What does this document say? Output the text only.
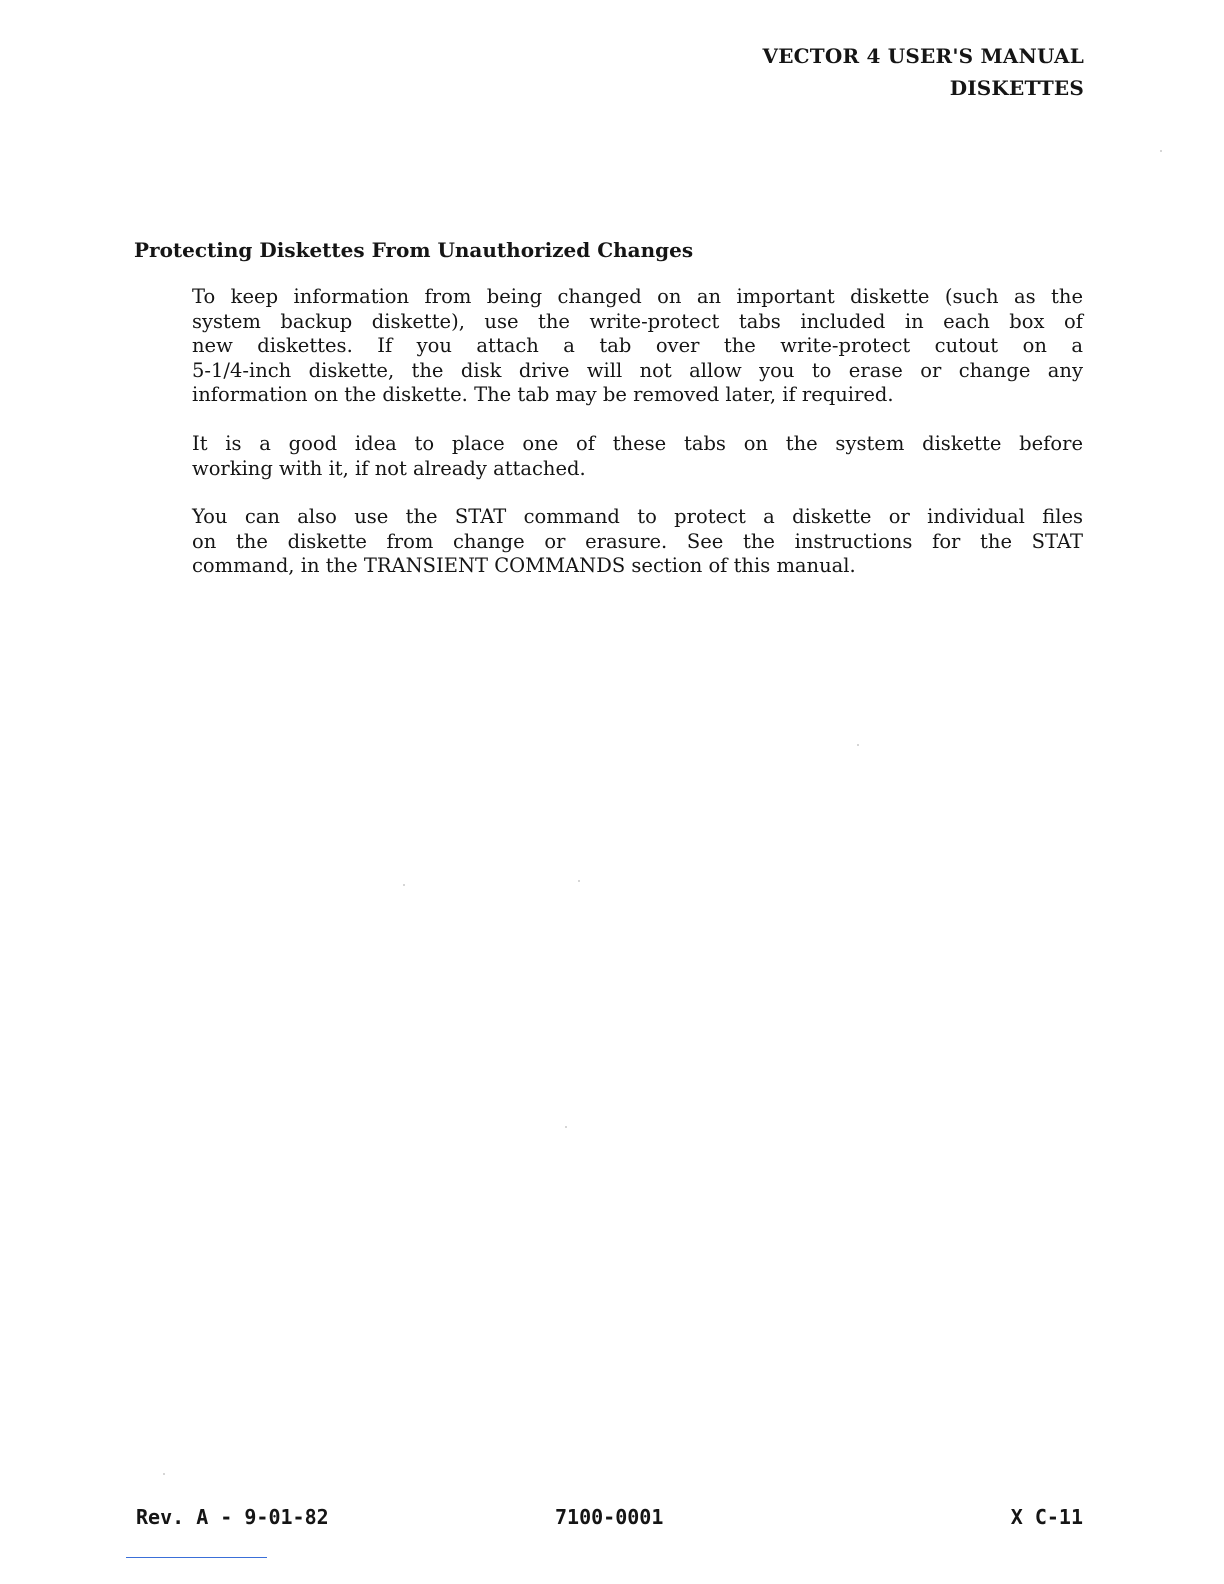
VECTOR 4 USER'S MANUAL
DISKETTES
Protecting Diskettes From Unauthorized Changes

To keep information from being changed on an important diskette (such as the
system backup diskette), use the write-protect tabs included in each box of
new diskettes. If you attach a tab over the write-protect cutout on a
5-1/4-inch diskette, the disk drive will not allow you to erase or change any
information on the diskette. The tab may be removed later, if required.

It is a good idea to place one of these tabs on the system diskette before
working with it, if not already attached.

You can also use the STAT command to protect a diskette or individual files
on the diskette from change or erasure. See the instructions for the STAT
command, in the TRANSIENT COMMANDS section of this manual.

Rev. A - 9-01-82	7100-0001	X C-11
